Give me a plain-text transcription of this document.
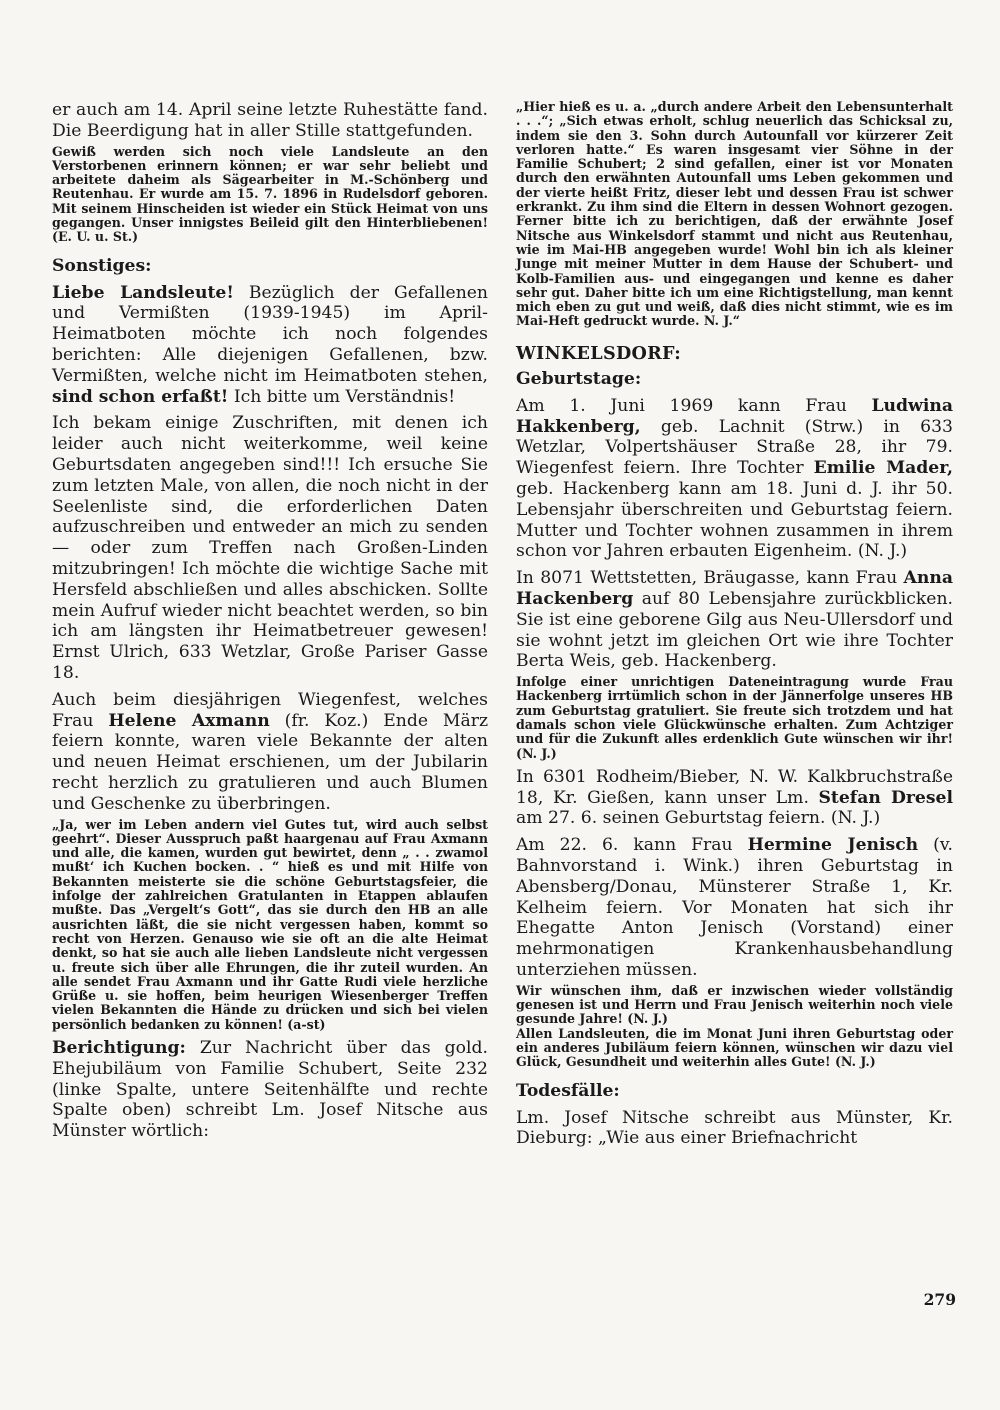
er auch am 14. April seine letzte Ruhestätte fand. Die Beerdigung hat in aller Stille stattgefunden.

Gewiß werden sich noch viele Landsleute an den Verstorbenen erinnern können; er war sehr beliebt und arbeitete daheim als Sägearbeiter in M.-Schönberg und Reutenhau. Er wurde am 15. 7. 1896 in Rudelsdorf geboren. Mit seinem Hinscheiden ist wieder ein Stück Heimat von uns gegangen. Unser innigstes Beileid gilt den Hinterbliebenen! (E. U. u. St.)

Sonstiges:

Liebe Landsleute! Bezüglich der Gefallenen und Vermißten (1939-1945) im April-Heimatboten möchte ich noch folgendes berichten: Alle diejenigen Gefallenen, bzw. Vermißten, welche nicht im Heimatboten stehen, sind schon erfaßt! Ich bitte um Verständnis!

Ich bekam einige Zuschriften, mit denen ich leider auch nicht weiterkomme, weil keine Geburtsdaten angegeben sind!!! Ich ersuche Sie zum letzten Male, von allen, die noch nicht in der Seelenliste sind, die erforderlichen Daten aufzuschreiben und entweder an mich zu senden — oder zum Treffen nach Großen-Linden mitzubringen! Ich möchte die wichtige Sache mit Hersfeld abschließen und alles abschicken. Sollte mein Aufruf wieder nicht beachtet werden, so bin ich am längsten ihr Heimatbetreuer gewesen! Ernst Ulrich, 633 Wetzlar, Große Pariser Gasse 18.

Auch beim diesjährigen Wiegenfest, welches Frau Helene Axmann (fr. Koz.) Ende März feiern konnte, waren viele Bekannte der alten und neuen Heimat erschienen, um der Jubilarin recht herzlich zu gratulieren und auch Blumen und Geschenke zu überbringen.

„Ja, wer im Leben andern viel Gutes tut, wird auch selbst geehrt“. Dieser Ausspruch paßt haargenau auf Frau Axmann und alle, die kamen, wurden gut bewirtet, denn „ . . zwamol mußt‘ ich Kuchen bocken. . “ hieß es und mit Hilfe von Bekannten meisterte sie die schöne Geburtstagsfeier, die infolge der zahlreichen Gratulanten in Etappen ablaufen mußte. Das „Vergelt‘s Gott“, das sie durch den HB an alle ausrichten läßt, die sie nicht vergessen haben, kommt so recht von Herzen. Genauso wie sie oft an die alte Heimat denkt, so hat sie auch alle lieben Landsleute nicht vergessen u. freute sich über alle Ehrungen, die ihr zuteil wurden. An alle sendet Frau Axmann und ihr Gatte Rudi viele herzliche Grüße u. sie hoffen, beim heurigen Wiesenberger Treffen vielen Bekannten die Hände zu drücken und sich bei vielen persönlich bedanken zu können! (a-st)

Berichtigung: Zur Nachricht über das gold. Ehejubiläum von Familie Schubert, Seite 232 (linke Spalte, untere Seitenhälfte und rechte Spalte oben) schreibt Lm. Josef Nitsche aus Münster wörtlich:

„Hier hieß es u. a. „durch andere Arbeit den Lebensunterhalt . . .“; „Sich etwas erholt, schlug neuerlich das Schicksal zu, indem sie den 3. Sohn durch Autounfall vor kürzerer Zeit verloren hatte.“ Es waren insgesamt vier Söhne in der Familie Schubert; 2 sind gefallen, einer ist vor Monaten durch den erwähnten Autounfall ums Leben gekommen und der vierte heißt Fritz, dieser lebt und dessen Frau ist schwer erkrankt. Zu ihm sind die Eltern in dessen Wohnort gezogen. Ferner bitte ich zu berichtigen, daß der erwähnte Josef Nitsche aus Winkelsdorf stammt und nicht aus Reutenhau, wie im Mai-HB angegeben wurde! Wohl bin ich als kleiner Junge mit meiner Mutter in dem Hause der Schubert- und Kolb-Familien aus- und eingegangen und kenne es daher sehr gut. Daher bitte ich um eine Richtigstellung, man kennt mich eben zu gut und weiß, daß dies nicht stimmt, wie es im Mai-Heft gedruckt wurde. N. J.“

WINKELSDORF:

Geburtstage:

Am 1. Juni 1969 kann Frau Ludwina Hakkenberg, geb. Lachnit (Strw.) in 633 Wetzlar, Volpertshäuser Straße 28, ihr 79. Wiegenfest feiern. Ihre Tochter Emilie Mader, geb. Hackenberg kann am 18. Juni d. J. ihr 50. Lebensjahr überschreiten und Geburtstag feiern. Mutter und Tochter wohnen zusammen in ihrem schon vor Jahren erbauten Eigenheim. (N. J.)

In 8071 Wettstetten, Bräugasse, kann Frau Anna Hackenberg auf 80 Lebensjahre zurückblicken. Sie ist eine geborene Gilg aus Neu-Ullersdorf und sie wohnt jetzt im gleichen Ort wie ihre Tochter Berta Weis, geb. Hackenberg.

Infolge einer unrichtigen Dateneintragung wurde Frau Hackenberg irrtümlich schon in der Jännerfolge unseres HB zum Geburtstag gratuliert. Sie freute sich trotzdem und hat damals schon viele Glückwünsche erhalten. Zum Achtziger und für die Zukunft alles erdenklich Gute wünschen wir ihr! (N. J.)

In 6301 Rodheim/Bieber, N. W. Kalkbruchstraße 18, Kr. Gießen, kann unser Lm. Stefan Dresel am 27. 6. seinen Geburtstag feiern. (N. J.)

Am 22. 6. kann Frau Hermine Jenisch (v. Bahnvorstand i. Wink.) ihren Geburtstag in Abensberg/Donau, Münsterer Straße 1, Kr. Kelheim feiern. Vor Monaten hat sich ihr Ehegatte Anton Jenisch (Vorstand) einer mehrmonatigen Krankenhausbehandlung unterziehen müssen.

Wir wünschen ihm, daß er inzwischen wieder vollständig genesen ist und Herrn und Frau Jenisch weiterhin noch viele gesunde Jahre! (N. J.)

Allen Landsleuten, die im Monat Juni ihren Geburtstag oder ein anderes Jubiläum feiern können, wünschen wir dazu viel Glück, Gesundheit und weiterhin alles Gute! (N. J.)

Todesfälle:

Lm. Josef Nitsche schreibt aus Münster, Kr. Dieburg: „Wie aus einer Briefnachricht

279
